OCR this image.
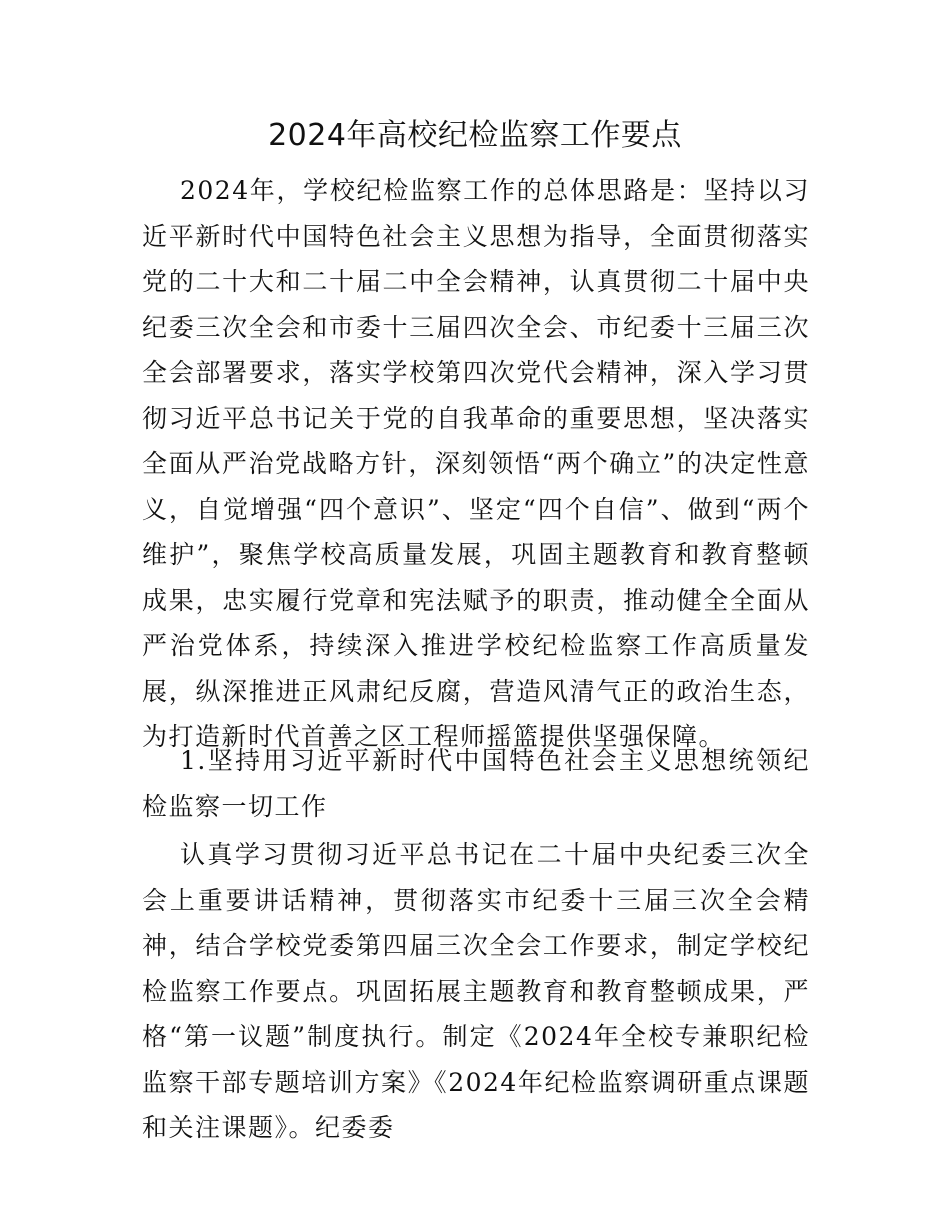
2024年高校纪检监察工作要点

2024年，学校纪检监察工作的总体思路是：坚持以习近平新时代中国特色社会主义思想为指导，全面贯彻落实党的二十大和二十届二中全会精神，认真贯彻二十届中央纪委三次全会和市委十三届四次全会、市纪委十三届三次全会部署要求，落实学校第四次党代会精神，深入学习贯彻习近平总书记关于党的自我革命的重要思想，坚决落实全面从严治党战略方针，深刻领悟“两个确立”的决定性意义，自觉增强“四个意识”、坚定“四个自信”、做到“两个维护”，聚焦学校高质量发展，巩固主题教育和教育整顿成果，忠实履行党章和宪法赋予的职责，推动健全全面从严治党体系，持续深入推进学校纪检监察工作高质量发展，纵深推进正风肃纪反腐，营造风清气正的政治生态，为打造新时代首善之区工程师摇篮提供坚强保障。

1.坚持用习近平新时代中国特色社会主义思想统领纪检监察一切工作

认真学习贯彻习近平总书记在二十届中央纪委三次全会上重要讲话精神，贯彻落实市纪委十三届三次全会精神，结合学校党委第四届三次全会工作要求，制定学校纪检监察工作要点。巩固拓展主题教育和教育整顿成果，严格“第一议题”制度执行。制定《2024年全校专兼职纪检监察干部专题培训方案》《2024年纪检监察调研重点课题和关注课题》。纪委委
